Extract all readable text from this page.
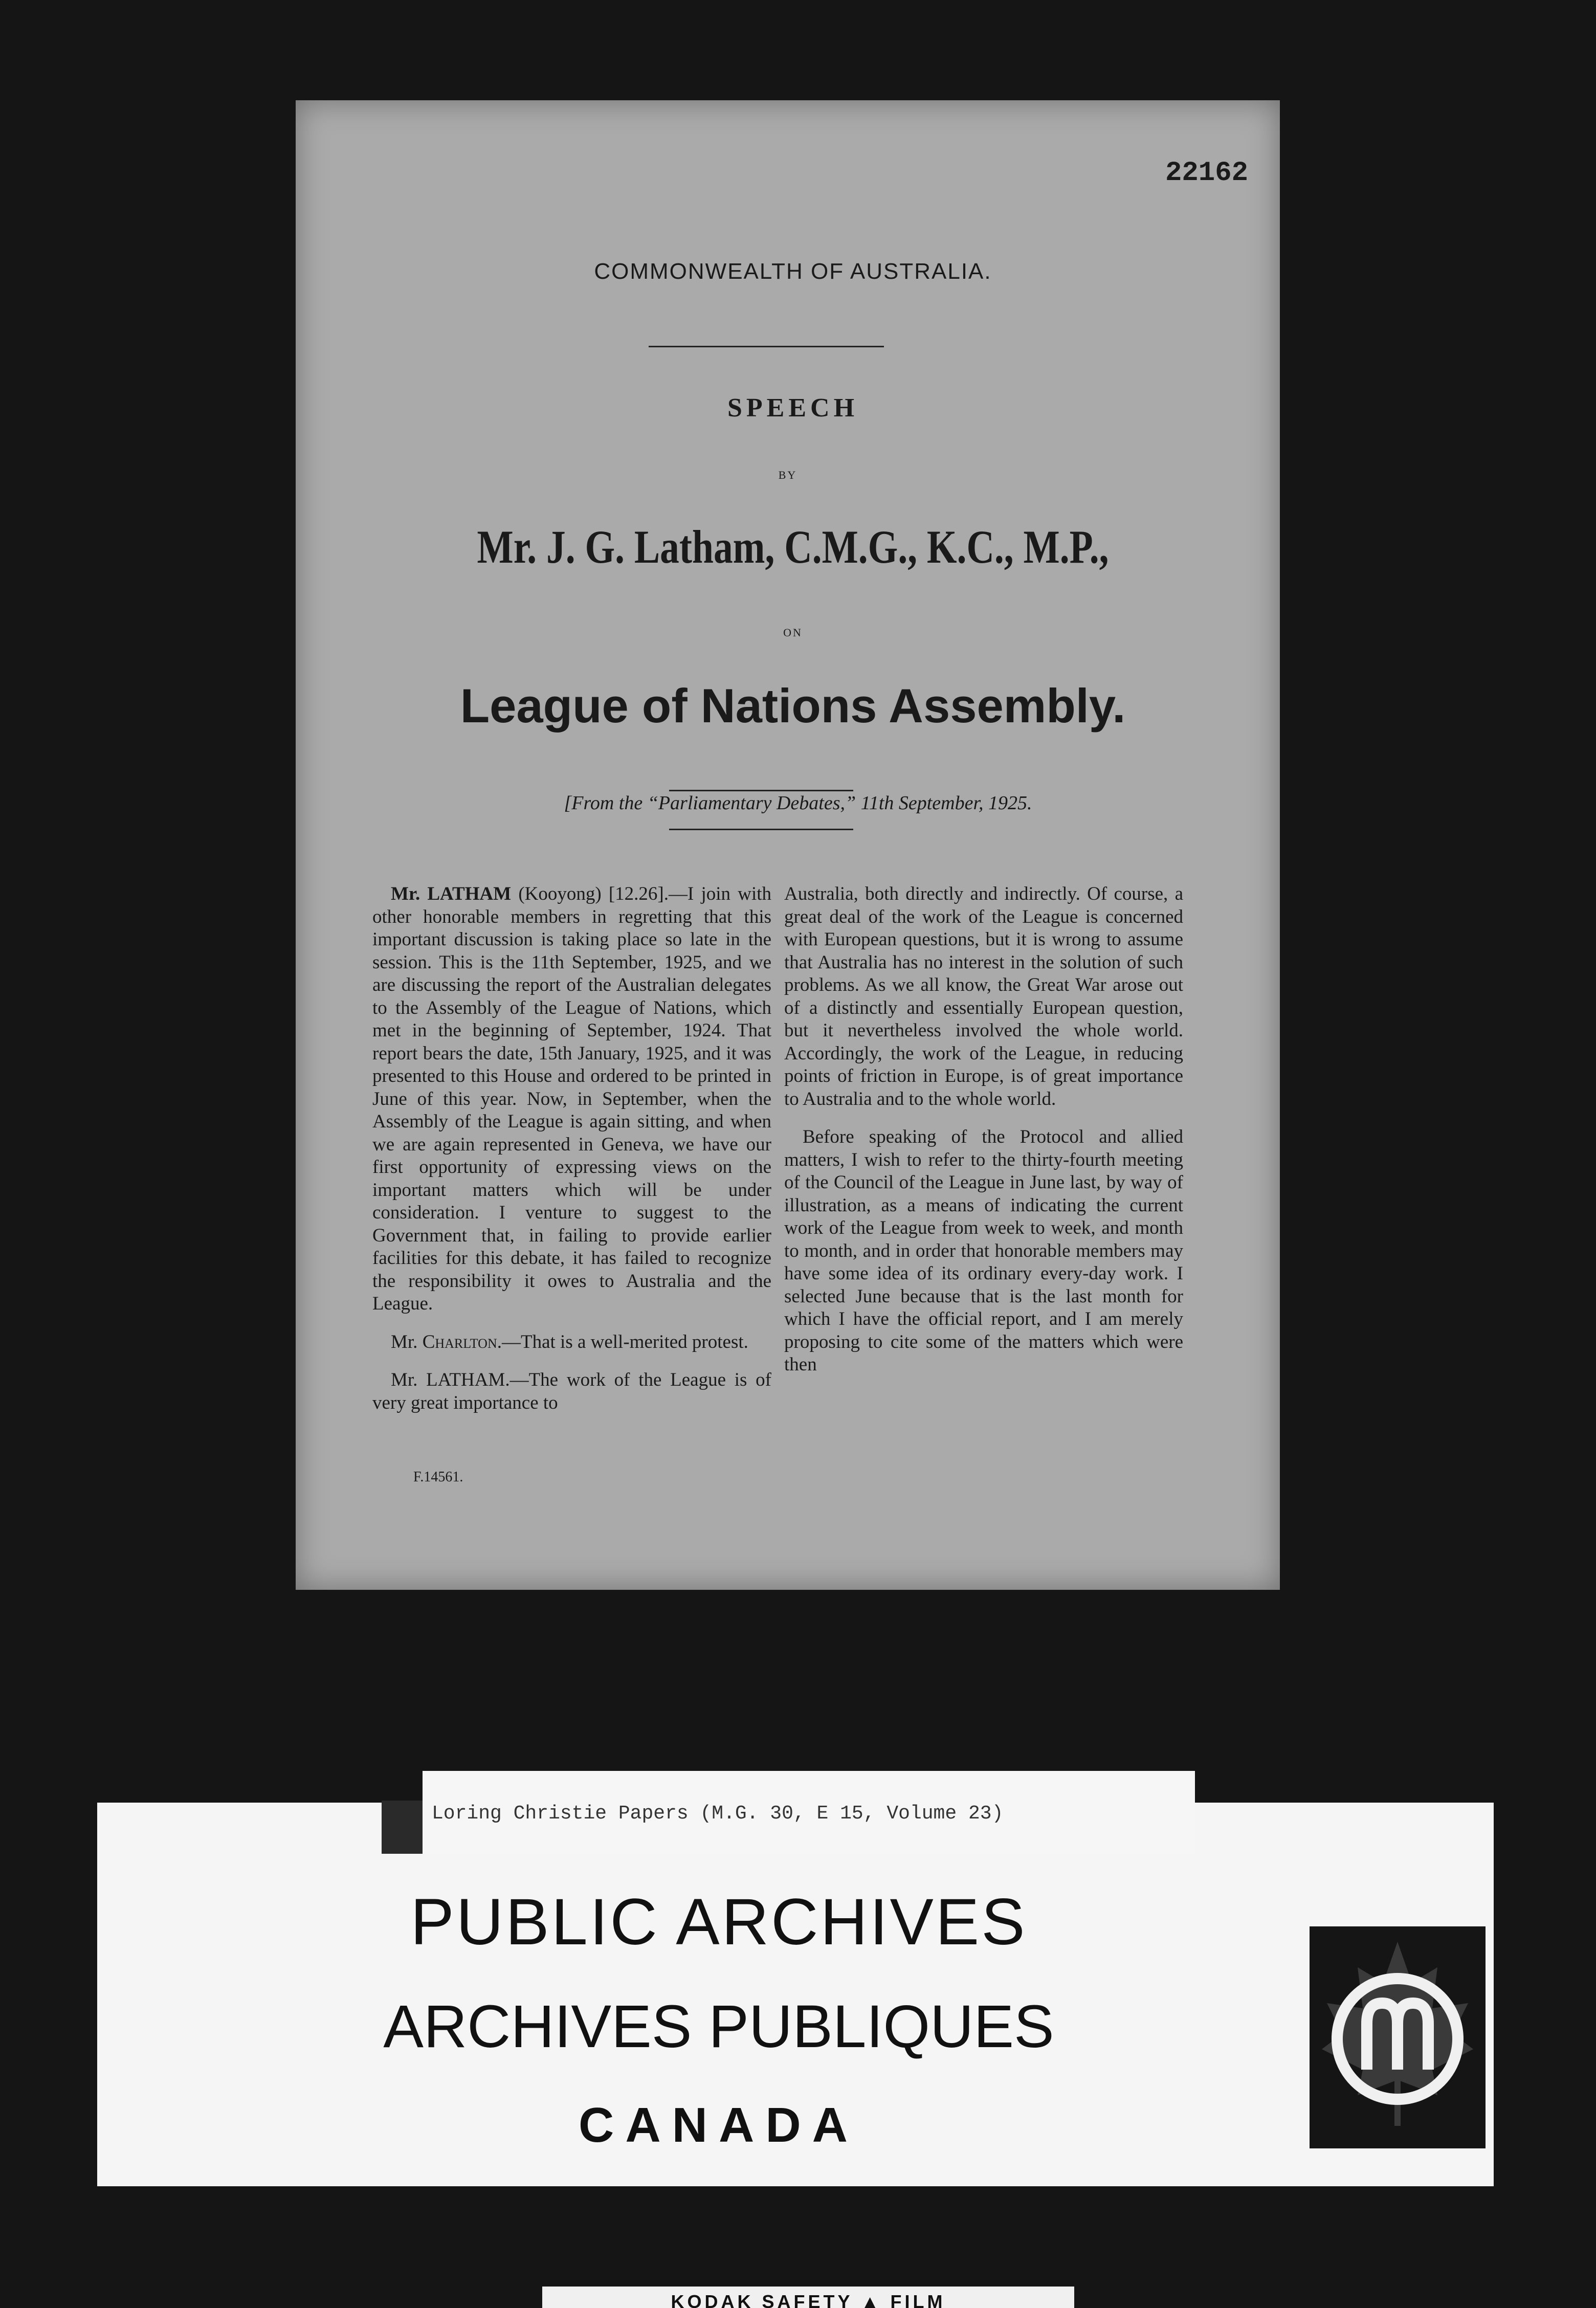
22162
COMMONWEALTH OF AUSTRALIA.
SPEECH
BY
Mr. J. G. Latham, C.M.G., K.C., M.P.,
ON
League of Nations Assembly.
[From the “Parliamentary Debates,” 11th September, 1925.

Mr. LATHAM (Kooyong) [12.26].—I join with other honorable members in regretting that this important discussion is taking place so late in the session. This is the 11th September, 1925, and we are discussing the report of the Australian delegates to the Assembly of the League of Nations, which met in the beginning of September, 1924. That report bears the date, 15th January, 1925, and it was presented to this House and ordered to be printed in June of this year. Now, in September, when the Assembly of the League is again sitting, and when we are again represented in Geneva, we have our first opportunity of expressing views on the important matters which will be under consideration. I venture to suggest to the Government that, in failing to provide earlier facilities for this debate, it has failed to recognize the responsibility it owes to Australia and the League.

Mr. Charlton.—That is a well-merited protest.

Mr. LATHAM.—The work of the League is of very great importance to

Australia, both directly and indirectly. Of course, a great deal of the work of the League is concerned with European questions, but it is wrong to assume that Australia has no interest in the solution of such problems. As we all know, the Great War arose out of a distinctly and essentially European question, but it nevertheless involved the whole world. Accordingly, the work of the League, in reducing points of friction in Europe, is of great importance to Australia and to the whole world.

Before speaking of the Protocol and allied matters, I wish to refer to the thirty-fourth meeting of the Council of the League in June last, by way of illustration, as a means of indicating the current work of the League from week to week, and month to month, and in order that honorable members may have some idea of its ordinary every-day work. I selected June because that is the last month for which I have the official report, and I am merely proposing to cite some of the matters which were then

F.14561.
PUBLIC ARCHIVES
ARCHIVES PUBLIQUES
CANADA
Loring Christie Papers (M.G. 30, E 15, Volume 23)
KODAK SAFETY ▲ FILM
